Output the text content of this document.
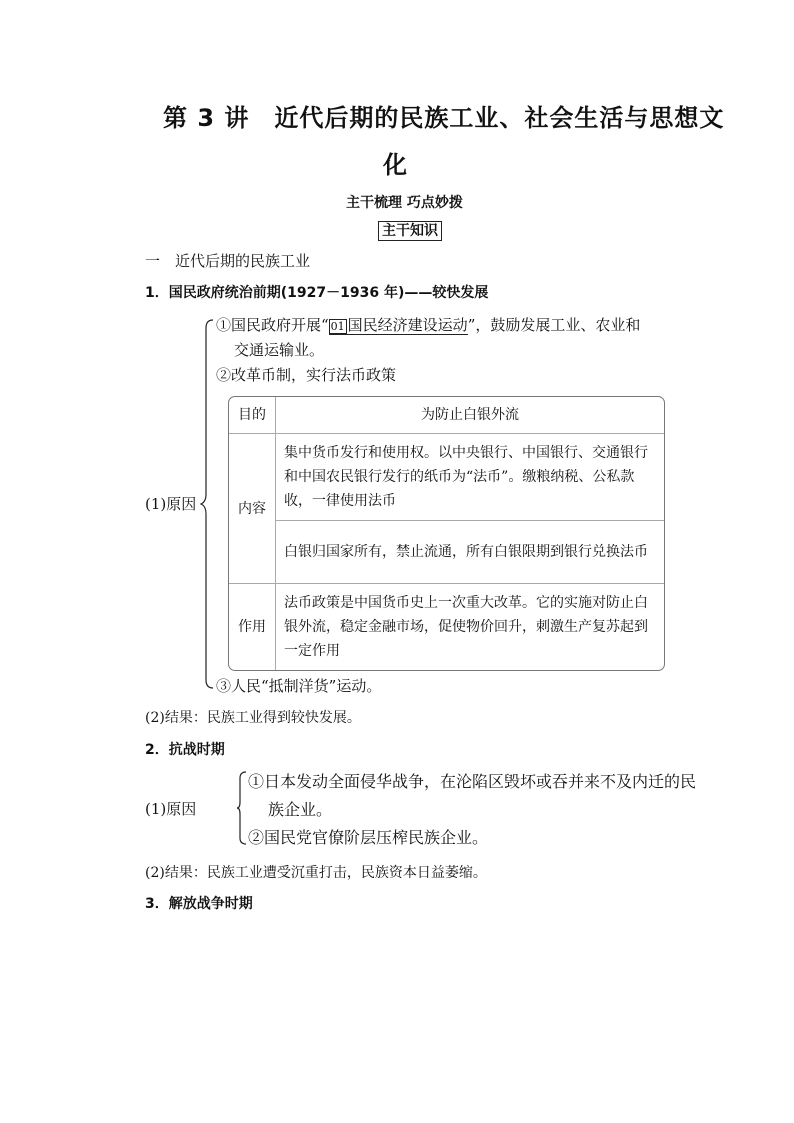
第 3 讲　近代后期的民族工业、社会生活与思想文
化
主干梳理 巧点妙拨
主干知识
一　近代后期的民族工业
1．国民政府统治前期(1927－1936 年)——较快发展
(1)原因
①国民政府开展“ 01 国民经济建设运动”，鼓励发展工业、农业和
交通运输业。
②改革币制，实行法币政策
目的	为防止白银外流
内容	集中货币发行和使用权。以中央银行、中国银行、交通银行和中国农民银行发行的纸币为“法币”。缴粮纳税、公私款收，一律使用法币
	白银归国家所有，禁止流通，所有白银限期到银行兑换法币
作用	法币政策是中国货币史上一次重大改革。它的实施对防止白银外流，稳定金融市场，促使物价回升，刺激生产复苏起到一定作用
③人民“抵制洋货”运动。
(2)结果：民族工业得到较快发展。
2．抗战时期
(1)原因
①日本发动全面侵华战争，在沦陷区毁坏或吞并来不及内迁的民
族企业。
②国民党官僚阶层压榨民族企业。
(2)结果：民族工业遭受沉重打击，民族资本日益萎缩。
3．解放战争时期
